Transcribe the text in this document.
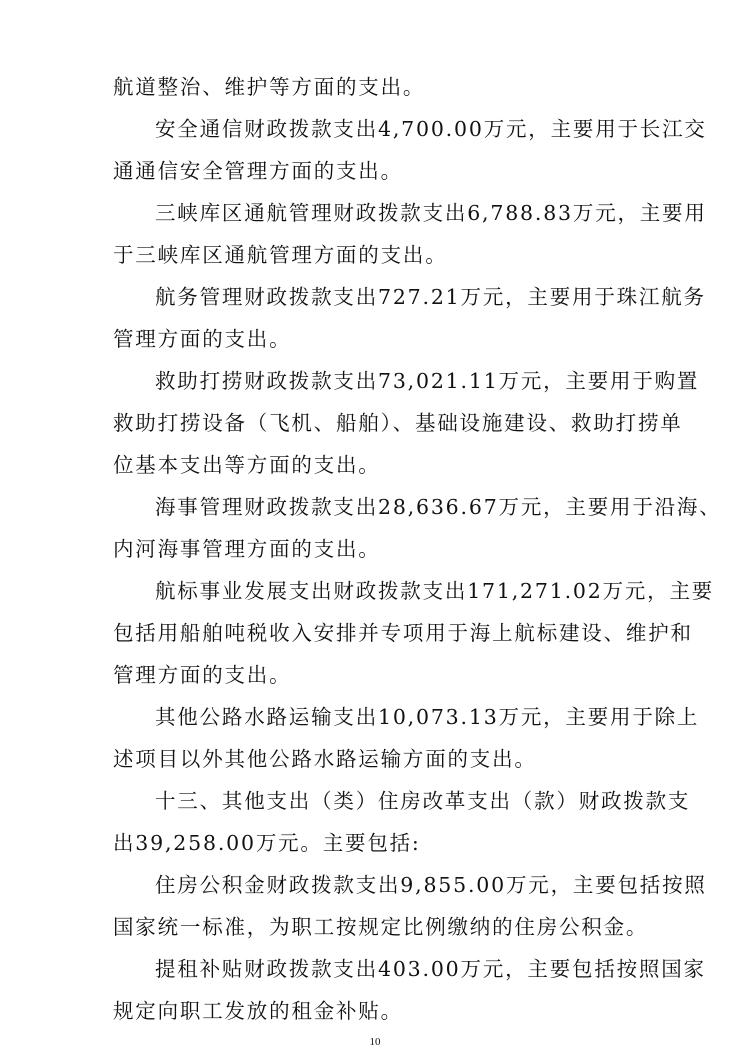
航道整治、维护等方面的支出。
安全通信财政拨款支出4,700.00万元，主要用于长江交
通通信安全管理方面的支出。
三峡库区通航管理财政拨款支出6,788.83万元，主要用
于三峡库区通航管理方面的支出。
航务管理财政拨款支出727.21万元，主要用于珠江航务
管理方面的支出。
救助打捞财政拨款支出73,021.11万元，主要用于购置
救助打捞设备（飞机、船舶）、基础设施建设、救助打捞单
位基本支出等方面的支出。
海事管理财政拨款支出28,636.67万元，主要用于沿海、
内河海事管理方面的支出。
航标事业发展支出财政拨款支出171,271.02万元，主要
包括用船舶吨税收入安排并专项用于海上航标建设、维护和
管理方面的支出。
其他公路水路运输支出10,073.13万元，主要用于除上
述项目以外其他公路水路运输方面的支出。
十三、其他支出（类）住房改革支出（款）财政拨款支
出39,258.00万元。主要包括:
住房公积金财政拨款支出9,855.00万元，主要包括按照
国家统一标准，为职工按规定比例缴纳的住房公积金。
提租补贴财政拨款支出403.00万元，主要包括按照国家
规定向职工发放的租金补贴。
10
